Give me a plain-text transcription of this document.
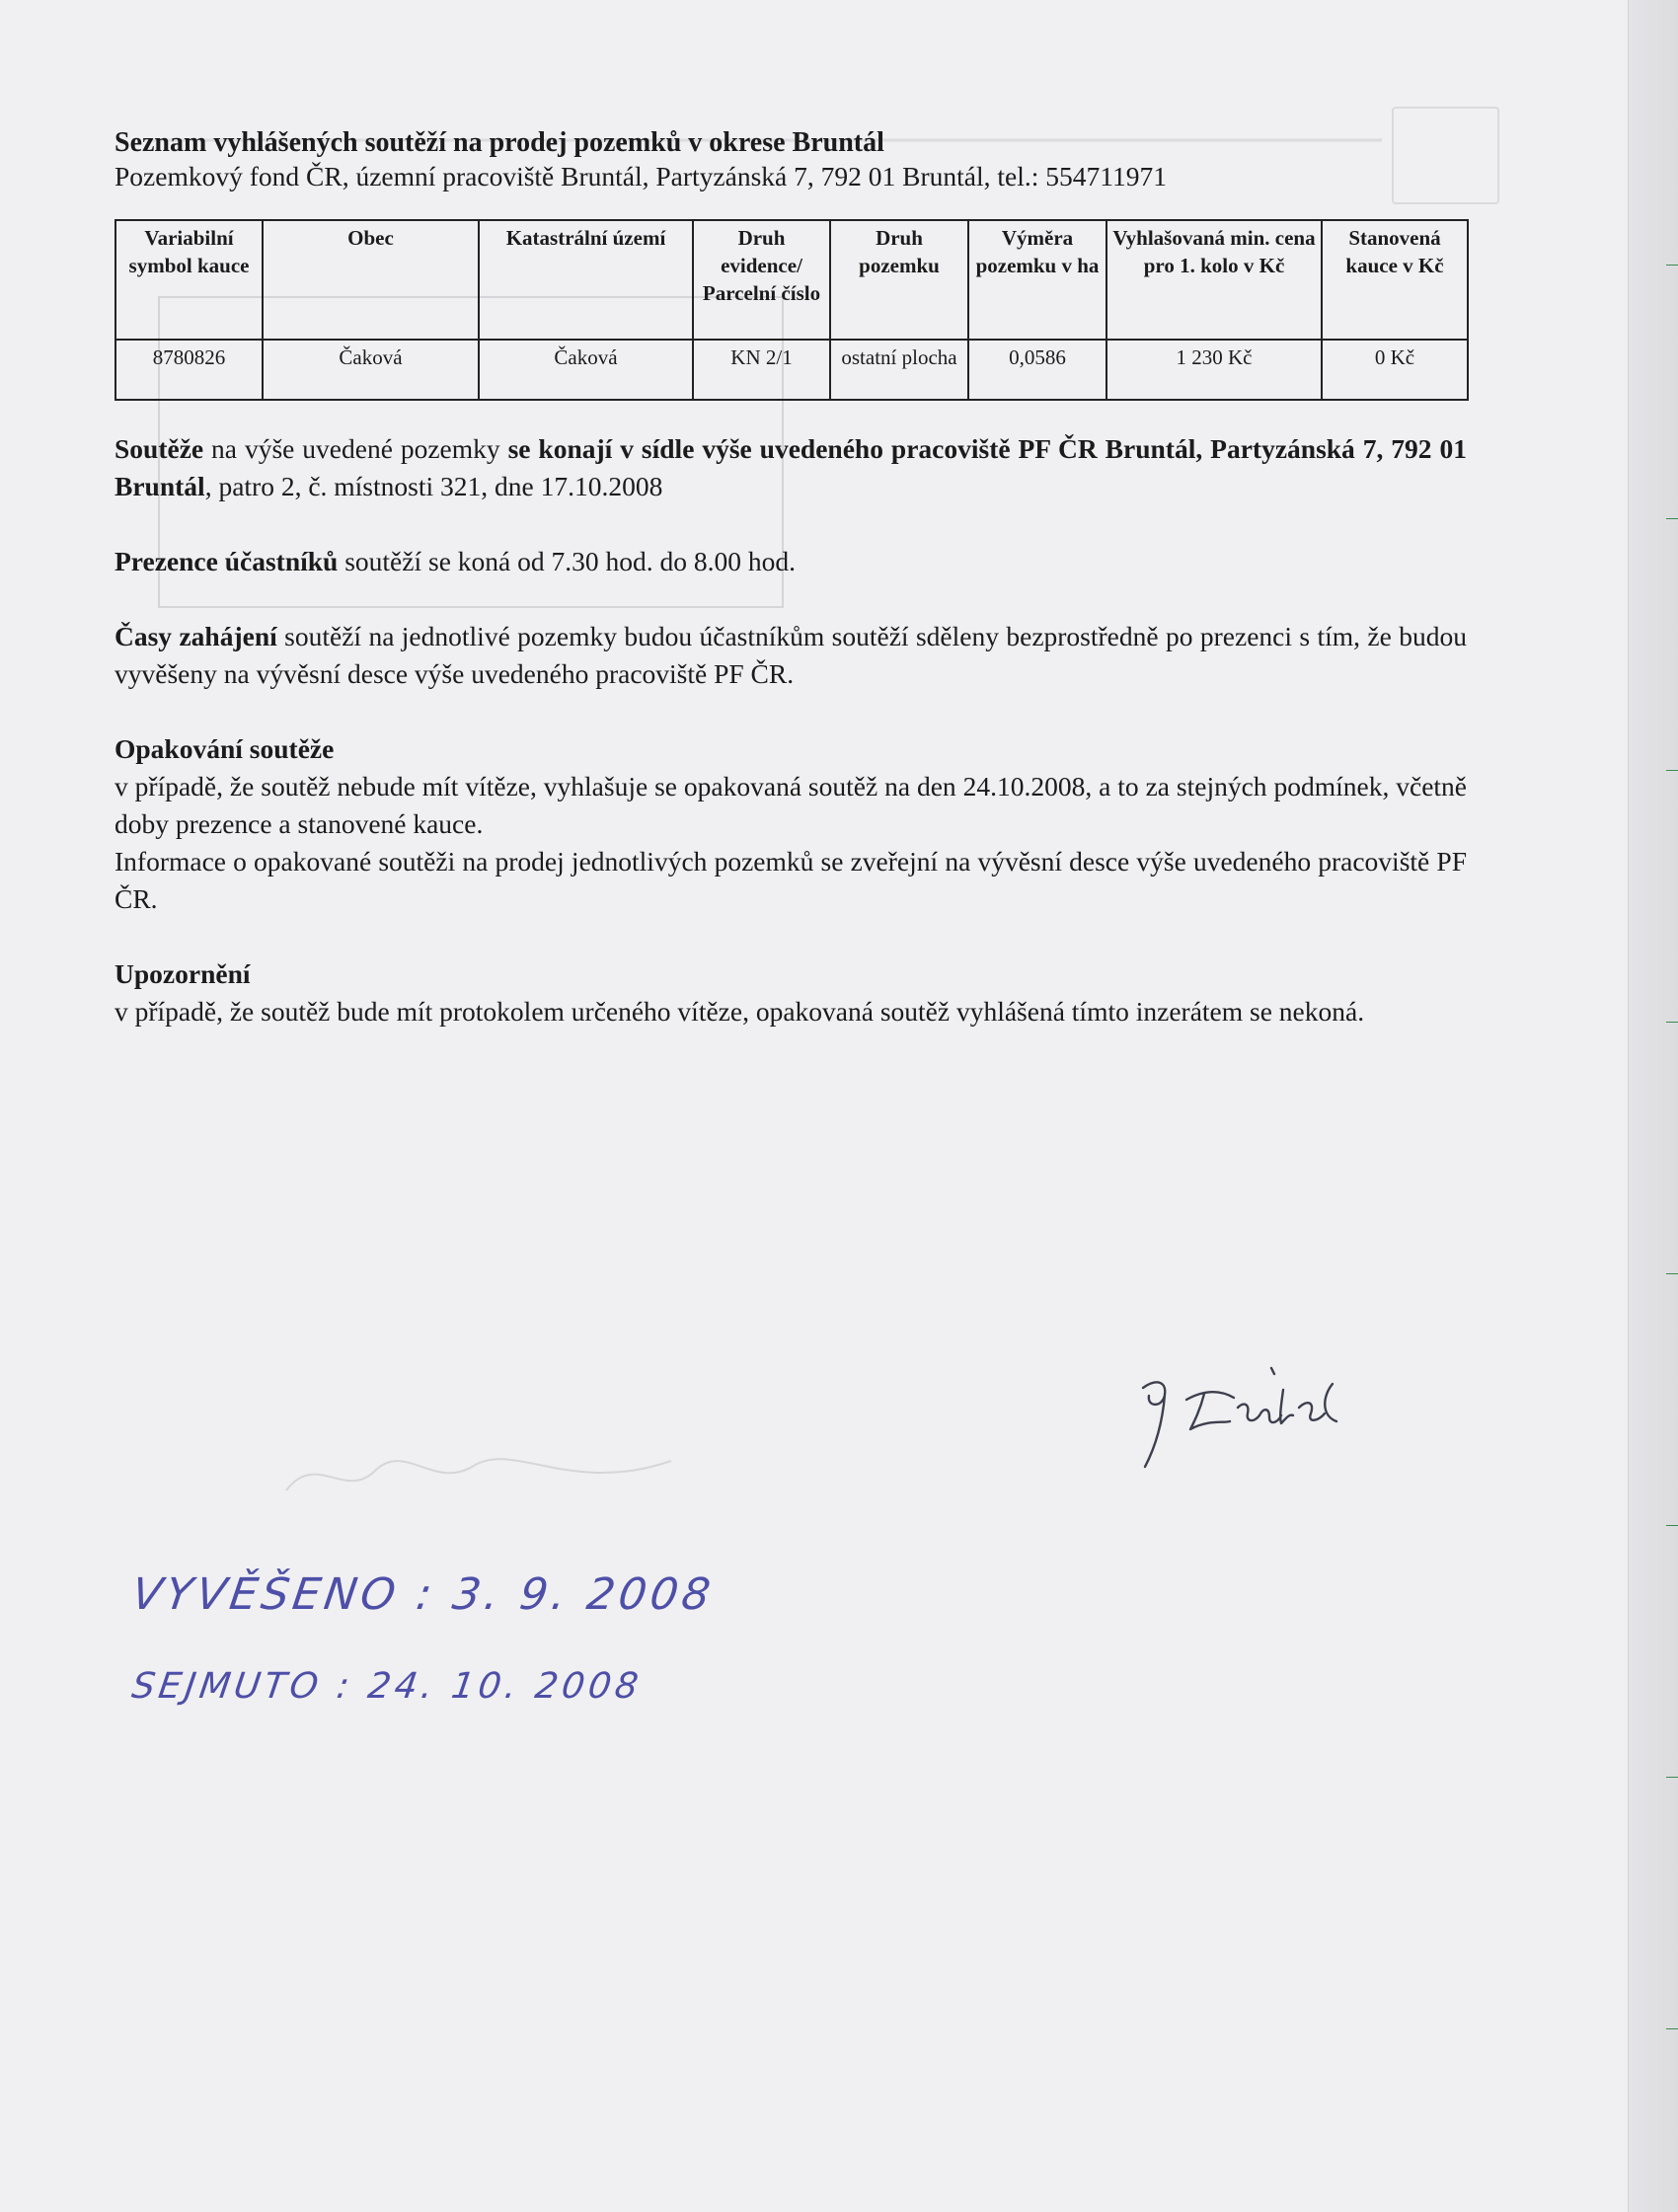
Seznam vyhlášených soutěží na prodej pozemků v okrese Bruntál

Pozemkový fond ČR, územní pracoviště Bruntál, Partyzánská 7, 792 01 Bruntál, tel.: 554711971

Variabilní symbol kauce	Obec	Katastrální území	Druh evidence/ Parcelní číslo	Druh pozemku	Výměra pozemku v ha	Vyhlašovaná min. cena pro 1. kolo v Kč	Stanovená kauce v Kč
8780826	Čaková	Čaková	KN 2/1	ostatní plocha	0,0586	1 230 Kč	0 Kč

Soutěže na výše uvedené pozemky se konají v sídle výše uvedeného pracoviště PF ČR Bruntál, Partyzánská 7, 792 01 Bruntál, patro 2, č. místnosti 321, dne 17.10.2008

Prezence účastníků soutěží se koná od 7.30 hod. do 8.00 hod.

Časy zahájení soutěží na jednotlivé pozemky budou účastníkům soutěží sděleny bezprostředně po prezenci s tím, že budou vyvěšeny na vývěsní desce výše uvedeného pracoviště PF ČR.

Opakování soutěže

v případě, že soutěž nebude mít vítěze, vyhlašuje se opakovaná soutěž na den 24.10.2008, a to za stejných podmínek, včetně doby prezence a stanovené kauce.

Informace o opakované soutěži na prodej jednotlivých pozemků se zveřejní na vývěsní desce výše uvedeného pracoviště PF ČR.

Upozornění

v případě, že soutěž bude mít protokolem určeného vítěze, opakovaná soutěž vyhlášená tímto inzerátem se nekoná.

VYVĚŠENO : 3. 9. 2008
SEJMUTO : 24. 10. 2008
